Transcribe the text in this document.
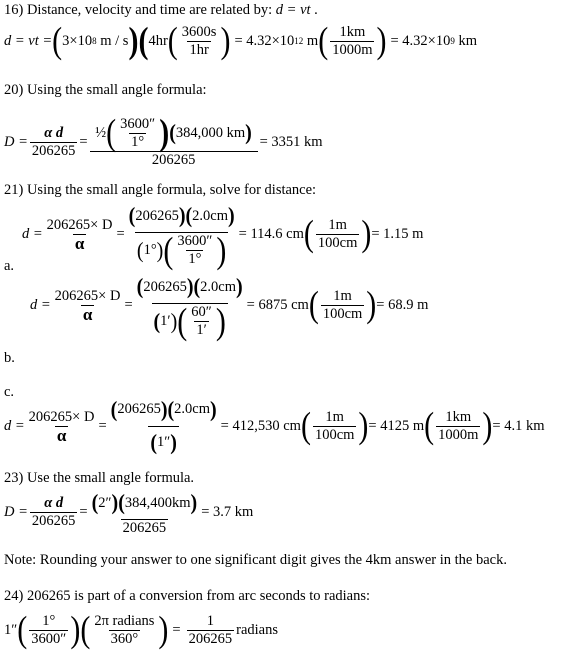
16) Distance, velocity and time are related by: d = vt .
d = vt = ( 3×10 8
m / s ) ( 4hr ( 3600s
1hr ) = 4.32×10 12
m ( 1km
1000m ) = 4.32×10 9
km
20) Using the small angle formula:
$D = \frac{\text{α d}}{206265}$ = ½ ( 3600″
1° ) ( 384,000 km )
206265 = 3351 km
21) Using the small angle formula, solve for distance:
$d = \frac{206265\times D}{\alpha}$ = ( 206265 ) ( 2.0cm )
( 1° ) ( 3600″
1° ) = 114.6 cm ( 1m
100cm ) = 1.15 m
a.
$d = \frac{206265\times D}{\alpha}$ = ( 206265 ) ( 2.0cm )
( 1′ ) ( 60″
1′ ) = 6875 cm ( 1m
100cm ) = 68.9 m
b.
c.
$d = \frac{206265\times D}{\alpha} = \frac{( 206265 ) ( 2.0cm )}{( 1'' )} = 412,530$ cm ( 1m
100cm ) = 4125 m ( 1km
1000m ) = 4.1 km
23) Use the small angle formula.
$D = \frac{\text{α d}}{206265} = \frac{( 2'' ) ( 384,400km )}{206265} = 3.7$ km
Note: Rounding your answer to one significant digit gives the 4km answer in the back.
24) 206265 is part of a conversion from arc seconds to radians:
1″ ( 1°
3600″ ) ( 2π radians
360° ) = $\frac{1}{206265}$ radians
